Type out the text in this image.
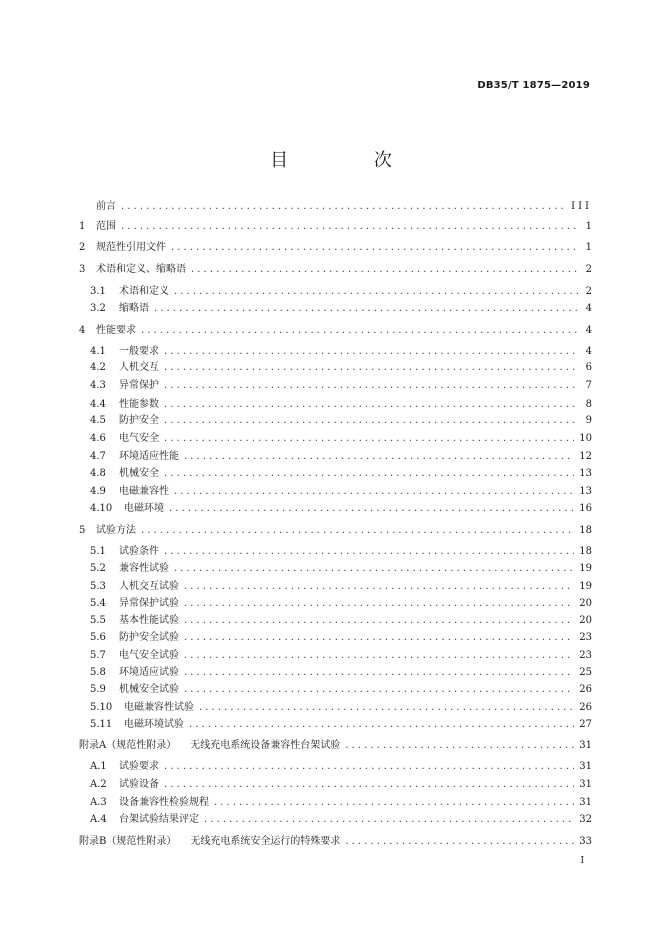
DB35/T 1875—2019
目 次
前言 .....	III
1	范围 .....	1
2	规范性引用文件 .....	1
3	术语和定义、缩略语 .....	2
3.1	术语和定义 .....	2
3.2	缩略语 .....	4
4	性能要求 .....	4
4.1	一般要求 .....	4
4.2	人机交互 .....	6
4.3	异常保护 .....	7
4.4	性能参数 .....	8
4.5	防护安全 .....	9
4.6	电气安全 .....	10
4.7	环境适应性能 .....	12
4.8	机械安全 .....	13
4.9	电磁兼容性 .....	13
4.10	电磁环境 .....	16
5	试验方法 .....	18
5.1	试验条件 .....	18
5.2	兼容性试验 .....	19
5.3	人机交互试验 .....	19
5.4	异常保护试验 .....	20
5.5	基本性能试验 .....	20
5.6	防护安全试验 .....	23
5.7	电气安全试验 .....	23
5.8	环境适应试验 .....	25
5.9	机械安全试验 .....	26
5.10	电磁兼容性试验 .....	26
5.11	电磁环境试验 .....	27
附录A（规范性附录） 无线充电系统设备兼容性台架试验 .....	31
A.1	试验要求 .....	31
A.2	试验设备 .....	31
A.3	设备兼容性检验规程 .....	31
A.4	台架试验结果评定 .....	32
附录B（规范性附录） 无线充电系统安全运行的特殊要求 .....	33
I
